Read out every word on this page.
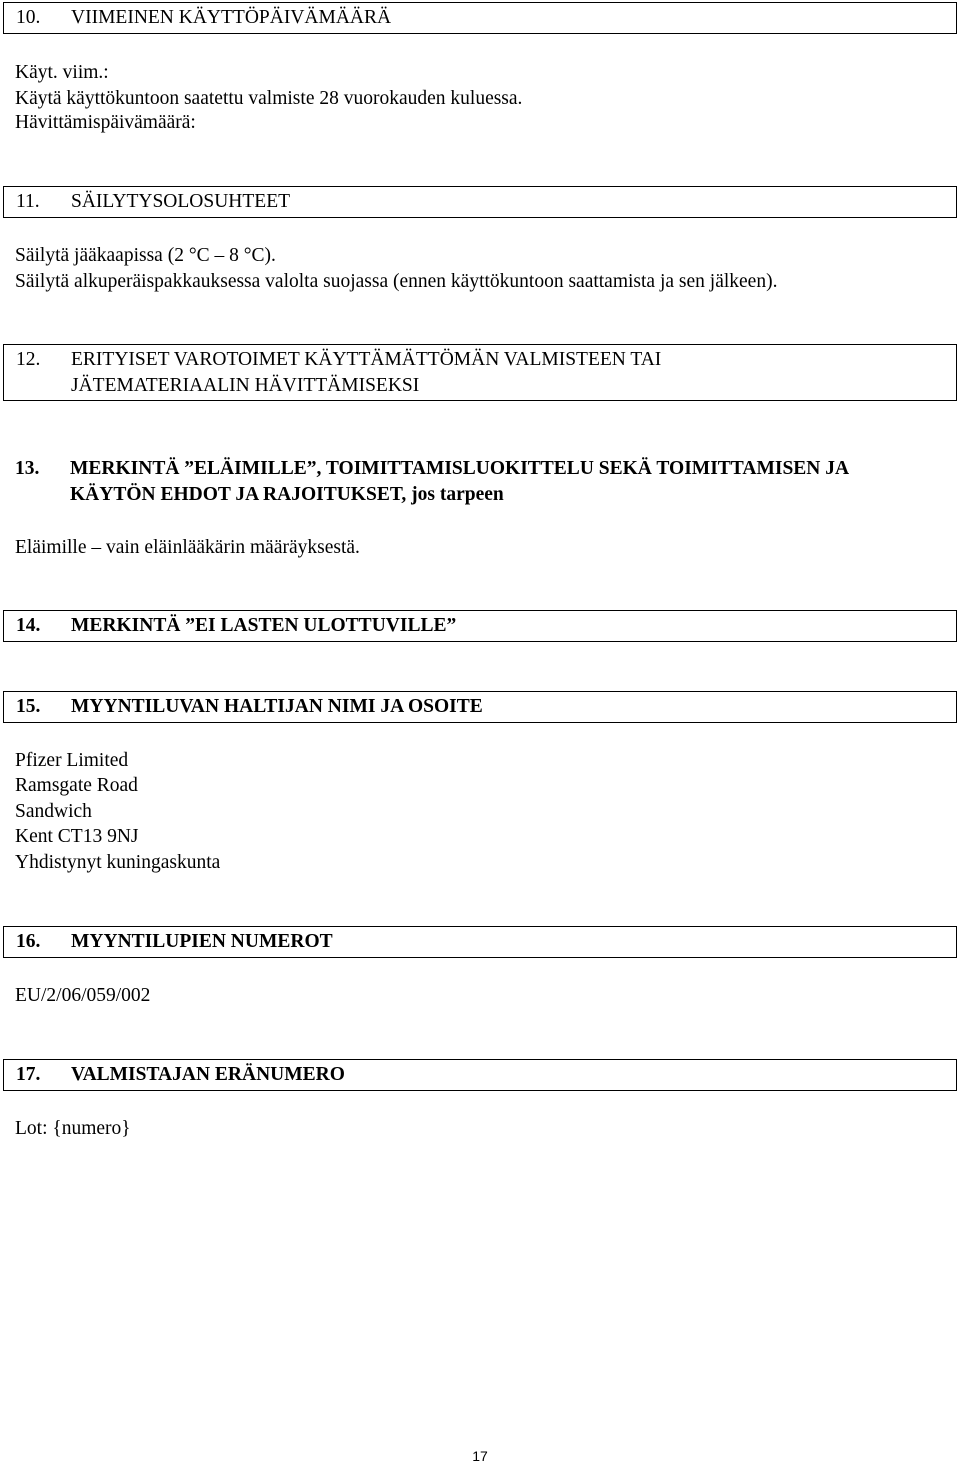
10. VIIMEINEN KÄYTTÖPÄIVÄMÄÄRÄ
Käyt. viim.:
Käytä käyttökuntoon saatettu valmiste 28 vuorokauden kuluessa.
Hävittämispäivämäärä:
11. SÄILYTYSOLOSUHTEET
Säilytä jääkaapissa (2 °C – 8 °C).
Säilytä alkuperäispakkauksessa valolta suojassa (ennen käyttökuntoon saattamista ja sen jälkeen).
12. ERITYISET VAROTOIMET KÄYTTÄMÄTTÖMÄN VALMISTEEN TAI
JÄTEMATERIAALIN HÄVITTÄMISEKSI
13. MERKINTÄ ”ELÄIMILLE”, TOIMITTAMISLUOKITTELU SEKÄ TOIMITTAMISEN JA
KÄYTÖN EHDOT JA RAJOITUKSET, jos tarpeen
Eläimille – vain eläinlääkärin määräyksestä.
14. MERKINTÄ ”EI LASTEN ULOTTUVILLE”
15. MYYNTILUVAN HALTIJAN NIMI JA OSOITE
Pfizer Limited
Ramsgate Road
Sandwich
Kent CT13 9NJ
Yhdistynyt kuningaskunta
16. MYYNTILUPIEN NUMEROT
EU/2/06/059/002
17. VALMISTAJAN ERÄNUMERO
Lot: {numero}
17
